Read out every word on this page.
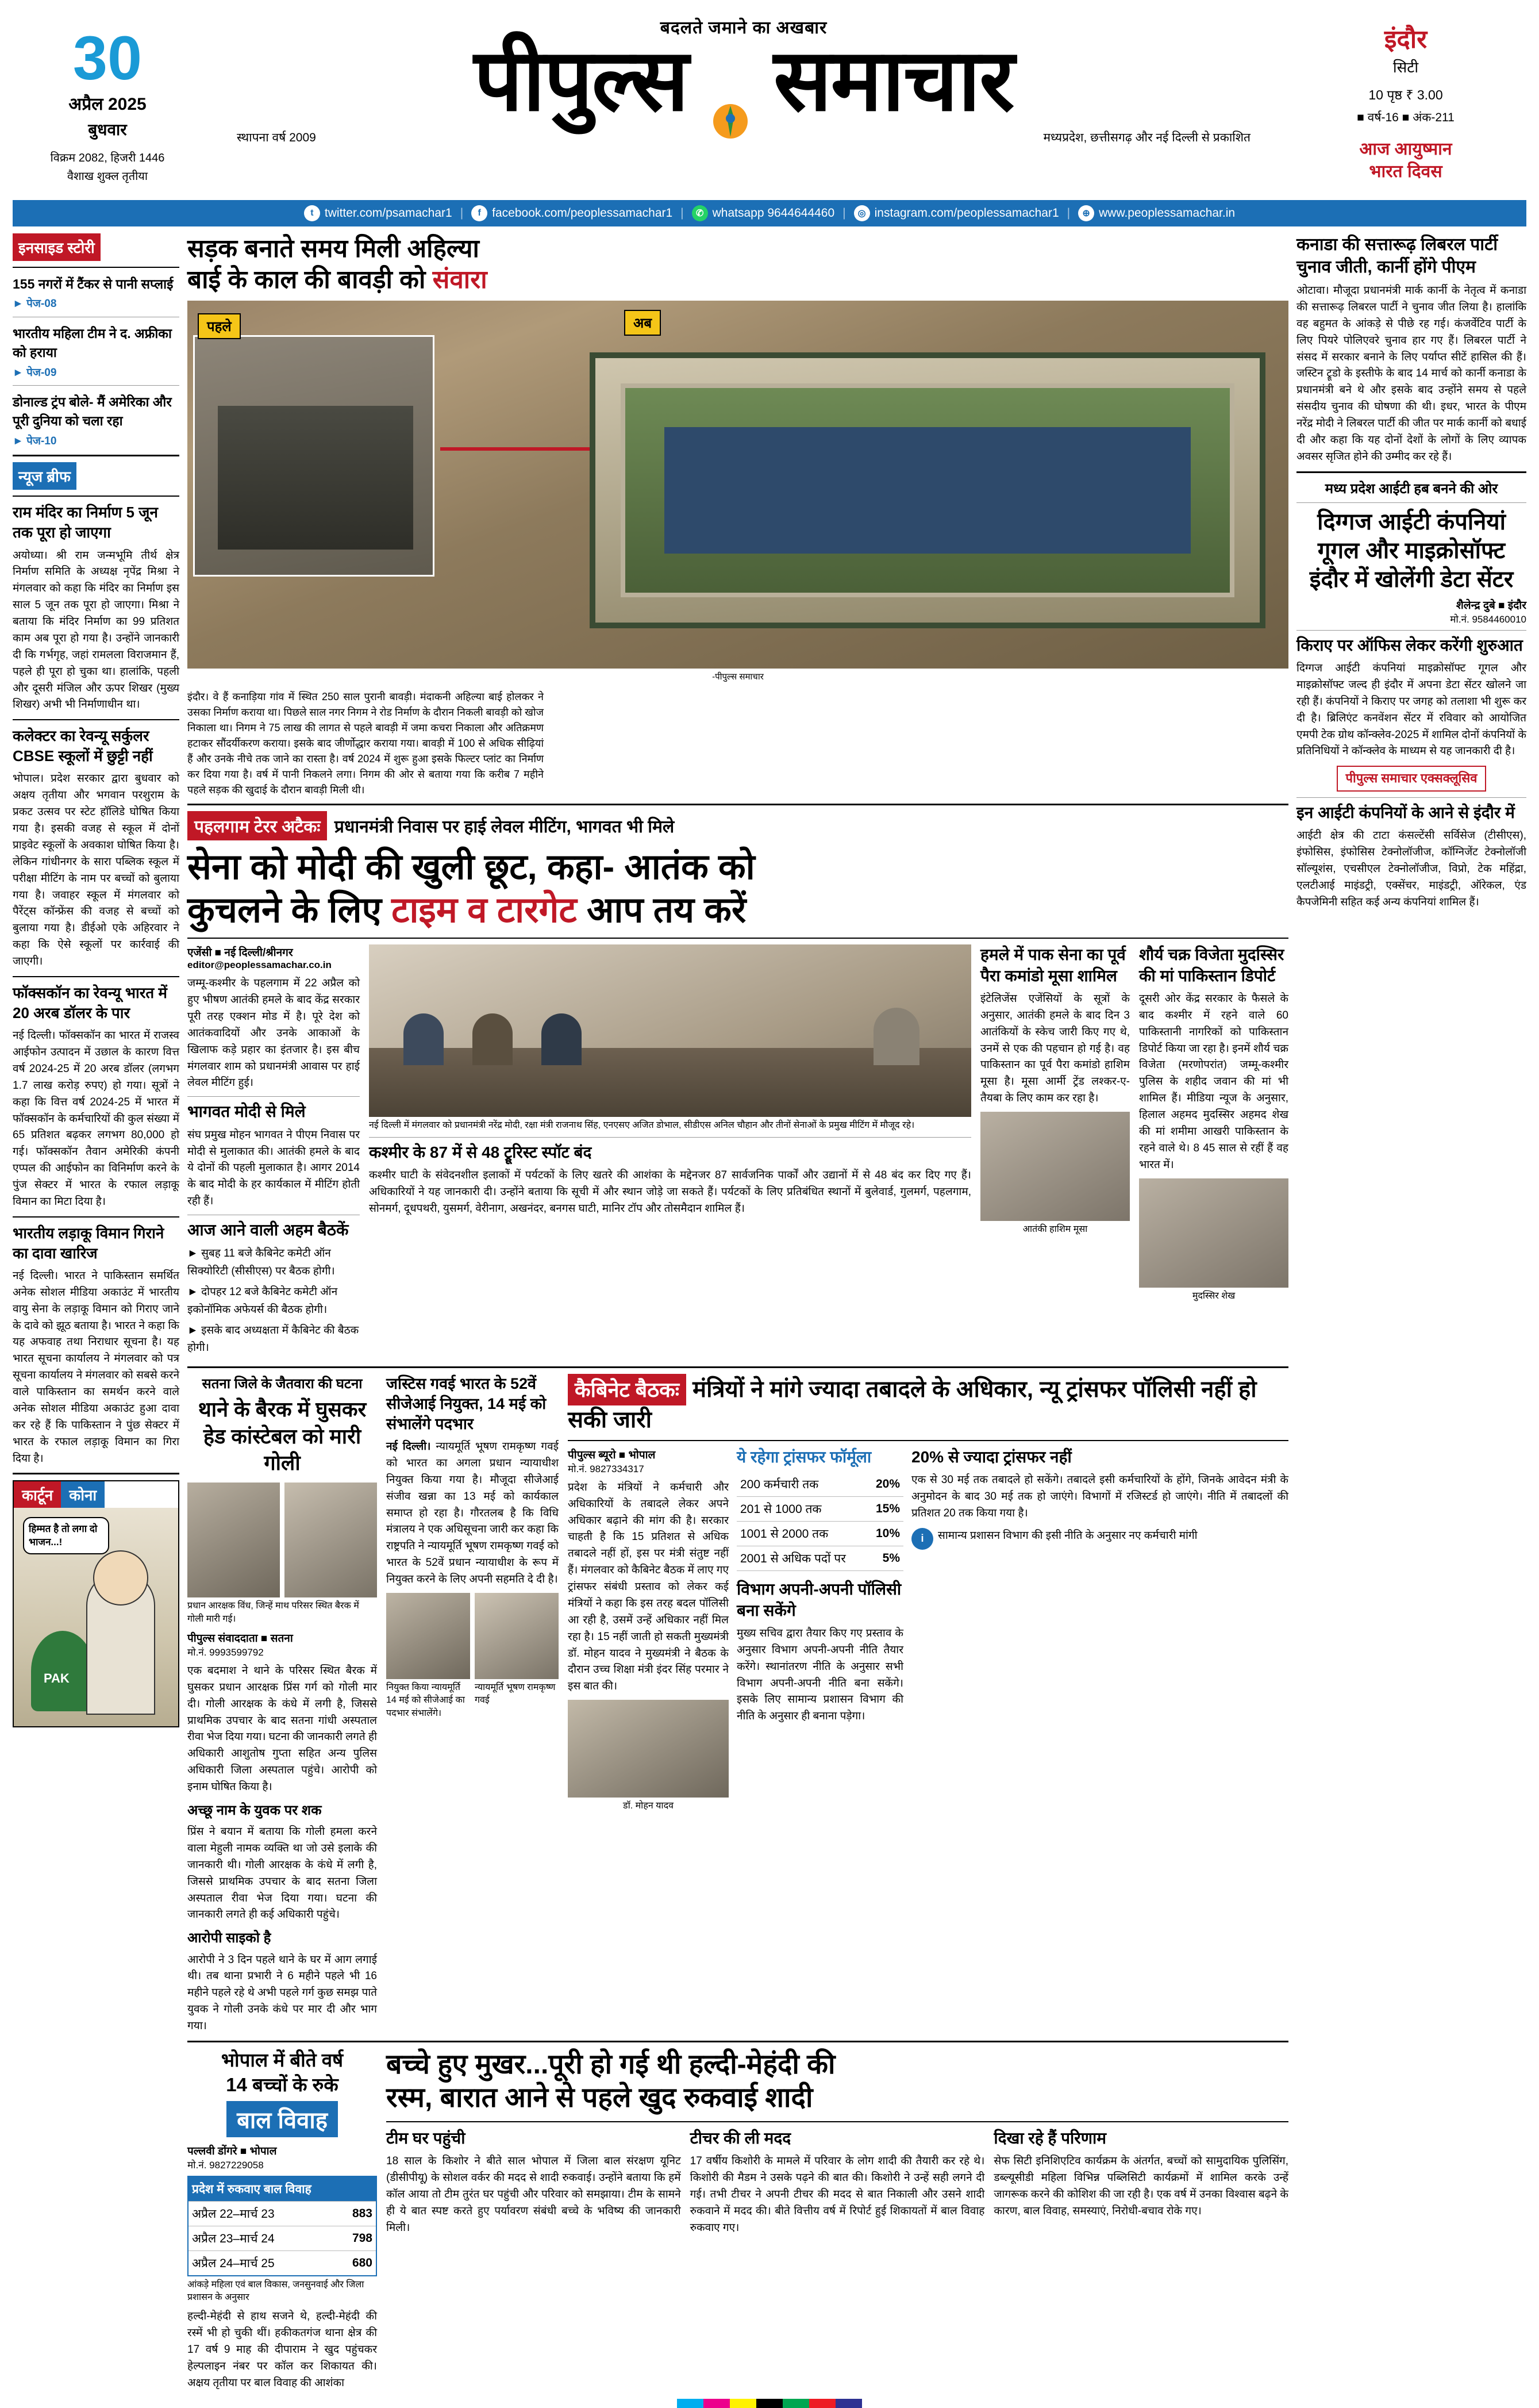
30
अप्रैल 2025
बुधवार
विक्रम 2082, हिजरी 1446
वैशाख शुक्ल तृतीया
बदलते जमाने का अखबार
पीपुल्स समाचार
स्थापना वर्ष 2009	मध्यप्रदेश, छत्तीसगढ़ और नई दिल्ली से प्रकाशित
इंदौर
सिटी
10 पृष्ठ ₹ 3.00
■ वर्ष-16 ■ अंक-211
आज आयुष्मान
भारत दिवस
t twitter.com/psamachar1 |	f facebook.com/peoplessamachar1 |	✆ whatsapp 9644644460 |	◎ instagram.com/peoplessamachar1 |	⊕ www.peoplessamachar.in
इनसाइड स्टोरी
155 नगरों में टैंकर से पानी सप्लाई
► पेज-08
भारतीय महिला टीम ने द. अफ्रीका को हराया
► पेज-09
डोनाल्ड ट्रंप बोले- मैं अमेरिका और पूरी दुनिया को चला रहा
► पेज-10
न्यूज ब्रीफ
राम मंदिर का निर्माण 5 जून तक पूरा हो जाएगा
अयोध्या। श्री राम जन्मभूमि तीर्थ क्षेत्र निर्माण समिति के अध्यक्ष नृपेंद्र मिश्रा ने मंगलवार को कहा कि मंदिर का निर्माण इस साल 5 जून तक पूरा हो जाएगा। मिश्रा ने बताया कि मंदिर निर्माण का 99 प्रतिशत काम अब पूरा हो गया है। उन्होंने जानकारी दी कि गर्भगृह, जहां रामलला विराजमान हैं, पहले ही पूरा हो चुका था। हालांकि, पहली और दूसरी मंजिल और ऊपर शिखर (मुख्य शिखर) अभी भी निर्माणाधीन था।
कलेक्टर का रेवन्यू सर्कुलर CBSE स्कूलों में छुट्टी नहीं
भोपाल। प्रदेश सरकार द्वारा बुधवार को अक्षय तृतीया और भगवान परशुराम के प्रकट उत्सव पर स्टेट हॉलिडे घोषित किया गया है। इसकी वजह से स्कूल में दोनों प्राइवेट स्कूलों के अवकाश घोषित किया है। लेकिन गांधीनगर के सारा पब्लिक स्कूल में परीक्षा मीटिंग के नाम पर बच्चों को बुलाया गया है। जवाहर स्कूल में मंगलवार को पैरेंट्स कॉन्फ्रेंस की वजह से बच्चों को बुलाया गया है। डीईओ एके अहिरवार ने कहा कि ऐसे स्कूलों पर कार्रवाई की जाएगी।
फॉक्सकॉन का रेवन्यू भारत में 20 अरब डॉलर के पार
नई दिल्ली। फॉक्सकॉन का भारत में राजस्व आईफोन उत्पादन में उछाल के कारण वित्त वर्ष 2024-25 में 20 अरब डॉलर (लगभग 1.7 लाख करोड़ रुपए) हो गया। सूत्रों ने कहा कि वित्त वर्ष 2024-25 में भारत में फॉक्सकॉन के कर्मचारियों की कुल संख्या में 65 प्रतिशत बढ़कर लगभग 80,000 हो गई। फॉक्सकॉन तैवान अमेरिकी कंपनी एप्पल की आईफोन का विनिर्माण करने के पुंज सेक्टर में भारत के रफाल लड़ाकू विमान का मिटा दिया है।
भारतीय लड़ाकू विमान गिराने का दावा खारिज
नई दिल्ली। भारत ने पाकिस्तान समर्थित अनेक सोशल मीडिया अकाउंट में भारतीय वायु सेना के लड़ाकू विमान को गिराए जाने के दावे को झूठ बताया है। भारत ने कहा कि यह अफवाह तथा निराधार सूचना है। यह भारत सूचना कार्यालय ने मंगलवार को पत्र सूचना कार्यालय ने मंगलवार को सबसे करने वाले पाकिस्तान का समर्थन करने वाले अनेक सोशल मीडिया अकाउंट हुआ दावा कर रहे हैं कि पाकिस्तान ने पुंछ सेक्टर में भारत के रफाल लड़ाकू विमान का गिरा दिया है।
कार्टून	कोना
हिम्मत है तो लगा दो भाजन...!
PAK
सड़क बनाते समय मिली अहिल्या
बाई के काल की बावड़ी को संवारा
पहले	अब
-पीपुल्स समाचार
इंदौर। वे हैं कनाड़िया गांव में स्थित 250 साल पुरानी बावड़ी। मंदाकनी अहिल्या बाई होलकर ने उसका निर्माण कराया था। पिछले साल नगर निगम ने रोड निर्माण के दौरान निकली बावड़ी को खोज निकाला था। निगम ने 75 लाख की लागत से पहले बावड़ी में जमा कचरा निकाला और अतिक्रमण हटाकर सौंदर्यीकरण कराया। इसके बाद जीर्णोद्धार कराया गया। बावड़ी में 100 से अधिक सीढ़ियां हैं और उनके नीचे तक जाने का रास्ता है। वर्ष 2024 में शुरू हुआ इसके फिल्टर प्लांट का निर्माण कर दिया गया है। वर्ष में पानी निकलने लगा। निगम की ओर से बताया गया कि करीब 7 महीने पहले सड़क की खुदाई के दौरान बावड़ी मिली थी।
पहलगाम टेरर अटैकः प्रधानमंत्री निवास पर हाई लेवल मीटिंग, भागवत भी मिले
सेना को मोदी की खुली छूट, कहा- आतंक को
कुचलने के लिए टाइम व टारगेट आप तय करें
एजेंसी ■ नई दिल्ली/श्रीनगर
editor@peoplessamachar.co.in
जम्मू-कश्मीर के पहलगाम में 22 अप्रैल को हुए भीषण आतंकी हमले के बाद केंद्र सरकार पूरी तरह एक्शन मोड में है। पूरे देश को आतंकवादियों और उनके आकाओं के खिलाफ कड़े प्रहार का इंतजार है। इस बीच मंगलवार शाम को प्रधानमंत्री आवास पर हाई लेवल मीटिंग हुई।
भागवत मोदी से मिले
संघ प्रमुख मोहन भागवत ने पीएम निवास पर मोदी से मुलाकात की। आतंकी हमले के बाद ये दोनों की पहली मुलाकात है। आगर 2014 के बाद मोदी के हर कार्यकाल में मीटिंग होती रही हैं।
आज आने वाली अहम बैठकें
► सुबह 11 बजे कैबिनेट कमेटी ऑन सिक्योरिटी (सीसीएस) पर बैठक होगी।
► दोपहर 12 बजे कैबिनेट कमेटी ऑन इकोनॉमिक अफेयर्स की बैठक होगी।
► इसके बाद अध्यक्षता में कैबिनेट की बैठक होगी।
नई दिल्ली में मंगलवार को प्रधानमंत्री नरेंद्र मोदी, रक्षा मंत्री राजनाथ सिंह, एनएसए अजित डोभाल, सीडीएस अनिल चौहान और तीनों सेनाओं के प्रमुख मीटिंग में मौजूद रहे।
कश्मीर के 87 में से 48 ट्रूरिस्ट स्पॉट बंद
कश्मीर घाटी के संवेदनशील इलाकों में पर्यटकों के लिए खतरे की आशंका के मद्देनजर 87 सार्वजनिक पार्कों और उद्यानों में से 48 बंद कर दिए गए हैं। अधिकारियों ने यह जानकारी दी। उन्होंने बताया कि सूची में और स्थान जोड़े जा सकते हैं। पर्यटकों के लिए प्रतिबंधित स्थानों में बुलेवार्ड, गुलमर्ग, पहलगाम, सोनमर्ग, दूधपथरी, युसमर्ग, वेरीनाग, अखनंदर, बनगस घाटी, मानिर टॉप और तोसमैदान शामिल हैं।
हमले में पाक सेना का पूर्व पैरा कमांडो मूसा शामिल
इंटेलिजेंस एजेंसियों के सूत्रों के अनुसार, आतंकी हमले के बाद दिन 3 आतंकियों के स्केच जारी किए गए थे, उनमें से एक की पहचान हो गई है। वह पाकिस्तान का पूर्व पैरा कमांडो हाशिम मूसा है। मूसा आर्मी ट्रेंड लश्कर-ए-तैयबा के लिए काम कर रहा है।
आतंकी हाशिम मूसा
शौर्य चक्र विजेता मुदस्सिर की मां पाकिस्तान डिपोर्ट
दूसरी ओर केंद्र सरकार के फैसले के बाद कश्मीर में रहने वाले 60 पाकिस्तानी नागरिकों को पाकिस्तान डिपोर्ट किया जा रहा है। इनमें शौर्य चक्र विजेता (मरणोपरांत) जम्मू-कश्मीर पुलिस के शहीद जवान की मां भी शामिल हैं। मीडिया न्यूज के अनुसार, हिलाल अहमद मुदस्सिर अहमद शेख की मां शमीमा आखरी पाकिस्तान के रहने वाले थे। 8 45 साल से रहीं हैं वह भारत में।
मुदस्सिर शेख
सतना जिले के जैतवारा की घटना
थाने के बैरक में घुसकर हेड कांस्टेबल को मारी गोली
प्रधान आरक्षक विंध, जिन्हें माथ परिसर स्थित बैरक में गोली मारी गई।
पीपुल्स संवाददाता ■ सतना
मो.नं. 9993599792
एक बदमाश ने थाने के परिसर स्थित बैरक में घुसकर प्रधान आरक्षक प्रिंस गर्ग को गोली मार दी। गोली आरक्षक के कंधे में लगी है, जिससे प्राथमिक उपचार के बाद सतना गांधी अस्पताल रीवा भेज दिया गया। घटना की जानकारी लगते ही अधिकारी आशुतोष गुप्ता सहित अन्य पुलिस अधिकारी जिला अस्पताल पहुंचे। आरोपी को इनाम घोषित किया है।
अच्छू नाम के युवक पर शक
प्रिंस ने बयान में बताया कि गोली हमला करने वाला मेहुली नामक व्यक्ति था जो उसे इलाके की जानकारी थी। गोली आरक्षक के कंधे में लगी है, जिससे प्राथमिक उपचार के बाद सतना जिला अस्पताल रीवा भेज दिया गया। घटना की जानकारी लगते ही कई अधिकारी पहुंचे।
आरोपी साइको है
आरोपी ने 3 दिन पहले थाने के घर में आग लगाई थी। तब थाना प्रभारी ने 6 महीने पहले भी 16 महीने पहले रहे थे अभी पहले गर्ग कुछ समझ पाते युवक ने गोली उनके कंधे पर मार दी और भाग गया।
जस्टिस गवई भारत के 52वें सीजेआई नियुक्त, 14 मई को संभालेंगे पदभार
नई दिल्ली। न्यायमूर्ति भूषण रामकृष्ण गवई को भारत का अगला प्रधान न्यायाधीश नियुक्त किया गया है। मौजूदा सीजेआई संजीव खन्ना का 13 मई को कार्यकाल समाप्त हो रहा है। गौरतलब है कि विधि मंत्रालय ने एक अधिसूचना जारी कर कहा कि राष्ट्रपति ने न्यायमूर्ति भूषण रामकृष्ण गवई को भारत के 52वें प्रधान न्यायाधीश के रूप में नियुक्त करने के लिए अपनी सहमति दे दी है।
नियुक्त किया न्यायमूर्ति 14 मई को सीजेआई का पदभार संभालेंगे।
न्यायमूर्ति भूषण रामकृष्ण गवई
कैबिनेट बैठकः मंत्रियों ने मांगे ज्यादा तबादले के अधिकार, न्यू ट्रांसफर पॉलिसी नहीं हो सकी जारी
पीपुल्स ब्यूरो ■ भोपाल
मो.नं. 9827334317
प्रदेश के मंत्रियों ने कर्मचारी और अधिकारियों के तबादले लेकर अपने अधिकार बढ़ाने की मांग की है। सरकार चाहती है कि 15 प्रतिशत से अधिक तबादले नहीं हों, इस पर मंत्री संतुष्ट नहीं हैं। मंगलवार को कैबिनेट बैठक में लाए गए ट्रांसफर संबंधी प्रस्ताव को लेकर कई मंत्रियों ने कहा कि इस तरह बदल पॉलिसी आ रही है, उसमें उन्हें अधिकार नहीं मिल रहा है। 15 नहीं जाती हो सकती मुख्यमंत्री डॉ. मोहन यादव ने मुख्यमंत्री ने बैठक के दौरान उच्च शिक्षा मंत्री इंदर सिंह परमार ने इस बात की।
डॉ. मोहन यादव
ये रहेगा ट्रांसफर फॉर्मूला
200 कर्मचारी तक	20%
201 से 1000 तक	15%
1001 से 2000 तक	10%
2001 से अधिक पदों पर	5%
विभाग अपनी-अपनी पॉलिसी बना सकेंगे
मुख्य सचिव द्वारा तैयार किए गए प्रस्ताव के अनुसार विभाग अपनी-अपनी नीति तैयार करेंगे। स्थानांतरण नीति के अनुसार सभी विभाग अपनी-अपनी नीति बना सकेंगे। इसके लिए सामान्य प्रशासन विभाग की नीति के अनुसार ही बनाना पड़ेगा।
20% से ज्यादा ट्रांसफर नहीं
एक से 30 मई तक तबादले हो सकेंगे। तबादले इसी कर्मचारियों के होंगे, जिनके आवेदन मंत्री के अनुमोदन के बाद 30 मई तक हो जाएंगे। विभागों में रजिस्टर्ड हो जाएंगे। नीति में तबादलों की प्रतिशत 20 तक किया गया है।
i	सामान्य प्रशासन विभाग की इसी नीति के अनुसार नए कर्मचारी मांगी
भोपाल में बीते वर्ष
14 बच्चों के रुके
बाल विवाह
पल्लवी डोंगरे ■ भोपाल
मो.नं. 9827229058
प्रदेश में रुकवाए बाल विवाह	
अप्रैल 22–मार्च 23	883
अप्रैल 23–मार्च 24	798
अप्रैल 24–मार्च 25	680
आंकड़े महिला एवं बाल विकास, ज‌नसुनवाई और जिला प्रशासन के अनुसार
हल्दी-मेहंदी से हाथ सजने थे, हल्दी-मेहंदी की रस्में भी हो चुकी थीं। हकीकतगंज थाना क्षेत्र की 17 वर्ष 9 माह की दीपाराम ने खुद पहुंचकर हेल्पलाइन नंबर पर कॉल कर शिकायत की। अक्षय तृतीया पर बाल विवाह की आशंका
बच्चे हुए मुखर...पूरी हो गई थी हल्दी-मेहंदी की
रस्म, बारात आने से पहले खुद रुकवाई शादी
टीम घर पहुंची
18 साल के किशोर ने बीते साल भोपाल में जिला बाल संरक्षण यूनिट (डीसीपीयू) के सोशल वर्कर की मदद से शादी रुकवाई। उन्होंने बताया कि हमें कॉल आया तो टीम तुरंत घर पहुंची और परिवार को समझाया। टीम के सामने ही ये बात स्पष्ट करते हुए पर्यावरण संबंधी बच्चे के भविष्य की जानकारी मिली।
टीचर की ली मदद
17 वर्षीय किशोरी के मामले में परिवार के लोग शादी की तैयारी कर रहे थे। किशोरी की मैडम ने उसके पढ़ने की बात की। किशोरी ने उन्हें सही लगने दी गई। तभी टीचर ने अपनी टीचर की मदद से बात निकाली और उसने शादी रुकवाने में मदद की। बीते वित्तीय वर्ष में रिपोर्ट हुई शिकायतों में बाल विवाह रुकवाए गए।
दिखा रहे हैं परिणाम
सेफ सिटी इनिशिएटिव कार्यक्रम के अंतर्गत, बच्चों को सामुदायिक पुलिसिंग, डब्ल्यूसीडी महिला विभिन्न पब्लिसिटी कार्यक्रमों में शामिल करके उन्हें जागरूक करने की कोशिश की जा रही है। एक वर्ष में उनका विश्वास बढ़ने के कारण, बाल विवाह, समस्याएं, निरोधी-बचाव रोके गए।
कनाडा की सत्तारूढ़ लिबरल पार्टी चुनाव जीती, कार्नी होंगे पीएम
ओटावा। मौजूदा प्रधानमंत्री मार्क कार्नी के नेतृत्व में कनाडा की सत्तारूढ़ लिबरल पार्टी ने चुनाव जीत लिया है। हालांकि वह बहुमत के आंकड़े से पीछे रह गई। कंजर्वेटिव पार्टी के लिए पियरे पोलिएवरे चुनाव हार गए हैं। लिबरल पार्टी ने संसद में सरकार बनाने के लिए पर्याप्त सीटें हासिल की हैं। जस्टिन ट्रूडो के इस्तीफे के बाद 14 मार्च को कार्नी कनाडा के प्रधानमंत्री बने थे और इसके बाद उन्होंने समय से पहले संसदीय चुनाव की घोषणा की थी। इधर, भारत के पीएम नरेंद्र मोदी ने लिबरल पार्टी की जीत पर मार्क कार्नी को बधाई दी और कहा कि यह दोनों देशों के लोगों के लिए व्यापक अवसर सृजित होने की उम्मीद कर रहे हैं।
मध्य प्रदेश आईटी हब बनने की ओर
दिग्गज आईटी कंपनियां
गूगल और माइक्रोसॉफ्ट
इंदौर में खोलेंगी डेटा सेंटर
शैलेन्द्र दुबे ■ इंदौर
मो.नं. 9584460010
किराए पर ऑफिस लेकर करेंगी शुरुआत
दिग्गज आईटी कंपनियां माइक्रोसॉफ्ट गूगल और माइक्रोसॉफ्ट जल्द ही इंदौर में अपना डेटा सेंटर खोलने जा रही हैं। कंपनियों ने किराए पर जगह को तलाशा भी शुरू कर दी है। ब्रिलिएंट कनवेंशन सेंटर में रविवार को आयोजित एमपी टेक ग्रोथ कॉन्क्लेव-2025 में शामिल दोनों कंपनियों के प्रतिनिधियों ने कॉन्क्लेव के माध्यम से यह जानकारी दी है।
पीपुल्स समाचार एक्सक्लूसिव
इन आईटी कंपनियों के आने से इंदौर में
आईटी क्षेत्र की टाटा कंसल्टेंसी सर्विसेज (टीसीएस), इंफोसिस, इंफोसिस टेक्नोलॉजीज, कॉग्निजेंट टेक्नोलॉजी सॉल्यूशंस, एचसीएल टेक्नोलॉजीज, विप्रो, टेक महिंद्रा, एलटीआई माइंडट्री, एक्सेंचर, माइंडट्री, ऑरेकल, एंड कैपजेमिनी सहित कई अन्य कंपनियां शामिल हैं।
